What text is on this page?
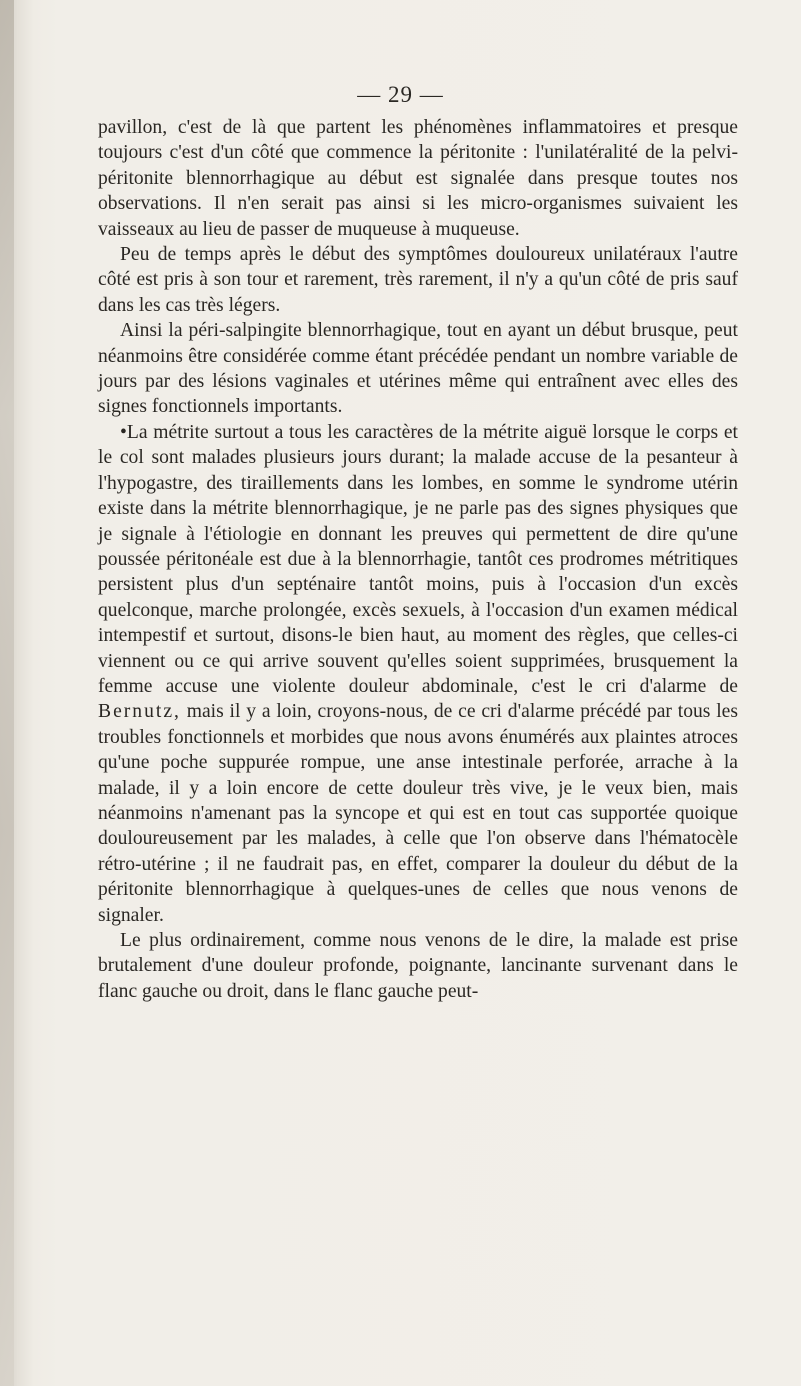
— 29 —

pavillon, c'est de là que partent les phénomènes inflammatoires et presque toujours c'est d'un côté que commence la péritonite : l'unilatéralité de la pelvi-péritonite blennorrhagique au début est signalée dans presque toutes nos observations. Il n'en serait pas ainsi si les micro-organismes suivaient les vaisseaux au lieu de passer de muqueuse à muqueuse.

Peu de temps après le début des symptômes douloureux unilatéraux l'autre côté est pris à son tour et rarement, très rarement, il n'y a qu'un côté de pris sauf dans les cas très légers.

Ainsi la péri-salpingite blennorrhagique, tout en ayant un début brusque, peut néanmoins être considérée comme étant précédée pendant un nombre variable de jours par des lésions vaginales et utérines même qui entraînent avec elles des signes fonctionnels importants.

•La métrite surtout a tous les caractères de la métrite aiguë lorsque le corps et le col sont malades plusieurs jours durant; la malade accuse de la pesanteur à l'hypogastre, des tiraillements dans les lombes, en somme le syndrome utérin existe dans la métrite blennorrhagique, je ne parle pas des signes physiques que je signale à l'étiologie en donnant les preuves qui permettent de dire qu'une poussée péritonéale est due à la blennorrhagie, tantôt ces prodromes métritiques persistent plus d'un septénaire tantôt moins, puis à l'occasion d'un excès quelconque, marche prolongée, excès sexuels, à l'occasion d'un examen médical intempestif et surtout, disons-le bien haut, au moment des règles, que celles-ci viennent ou ce qui arrive souvent qu'elles soient supprimées, brusquement la femme accuse une violente douleur abdominale, c'est le cri d'alarme de Bernutz, mais il y a loin, croyons-nous, de ce cri d'alarme précédé par tous les troubles fonctionnels et morbides que nous avons énumérés aux plaintes atroces qu'une poche suppurée rompue, une anse intestinale perforée, arrache à la malade, il y a loin encore de cette douleur très vive, je le veux bien, mais néanmoins n'amenant pas la syncope et qui est en tout cas supportée quoique douloureusement par les malades, à celle que l'on observe dans l'hématocèle rétro-utérine ; il ne faudrait pas, en effet, comparer la douleur du début de la péritonite blennorrhagique à quelques-unes de celles que nous venons de signaler.

Le plus ordinairement, comme nous venons de le dire, la malade est prise brutalement d'une douleur profonde, poignante, lancinante survenant dans le flanc gauche ou droit, dans le flanc gauche peut-
